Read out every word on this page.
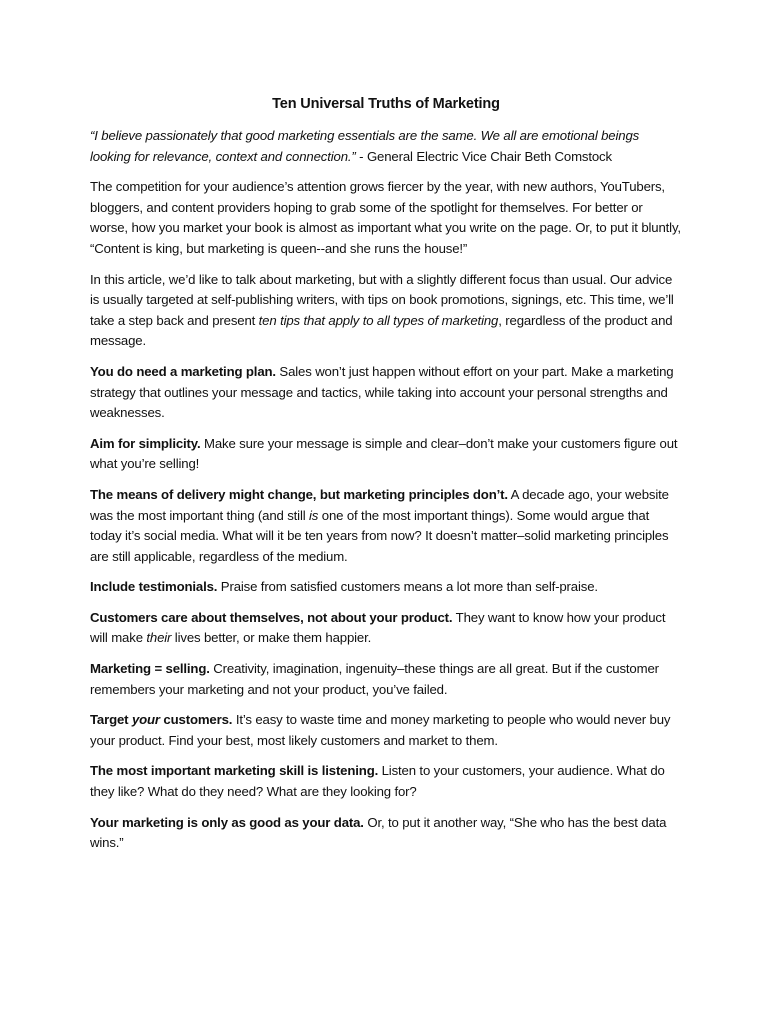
Ten Universal Truths of Marketing

“I believe passionately that good marketing essentials are the same. We all are emotional beings looking for relevance, context and connection.” - General Electric Vice Chair Beth Comstock

The competition for your audience’s attention grows fiercer by the year, with new authors, YouTubers, bloggers, and content providers hoping to grab some of the spotlight for themselves. For better or worse, how you market your book is almost as important what you write on the page. Or, to put it bluntly, “Content is king, but marketing is queen--and she runs the house!”

In this article, we’d like to talk about marketing, but with a slightly different focus than usual. Our advice is usually targeted at self-publishing writers, with tips on book promotions, signings, etc. This time, we’ll take a step back and present ten tips that apply to all types of marketing, regardless of the product and message.

You do need a marketing plan. Sales won’t just happen without effort on your part. Make a marketing strategy that outlines your message and tactics, while taking into account your personal strengths and weaknesses.

Aim for simplicity. Make sure your message is simple and clear–don’t make your customers figure out what you’re selling!

The means of delivery might change, but marketing principles don’t. A decade ago, your website was the most important thing (and still is one of the most important things). Some would argue that today it’s social media. What will it be ten years from now? It doesn’t matter–solid marketing principles are still applicable, regardless of the medium.

Include testimonials. Praise from satisfied customers means a lot more than self-praise.

Customers care about themselves, not about your product. They want to know how your product will make their lives better, or make them happier.

Marketing = selling. Creativity, imagination, ingenuity–these things are all great. But if the customer remembers your marketing and not your product, you’ve failed.

Target your customers. It’s easy to waste time and money marketing to people who would never buy your product. Find your best, most likely customers and market to them.

The most important marketing skill is listening. Listen to your customers, your audience. What do they like? What do they need? What are they looking for?

Your marketing is only as good as your data. Or, to put it another way, “She who has the best data wins.”
